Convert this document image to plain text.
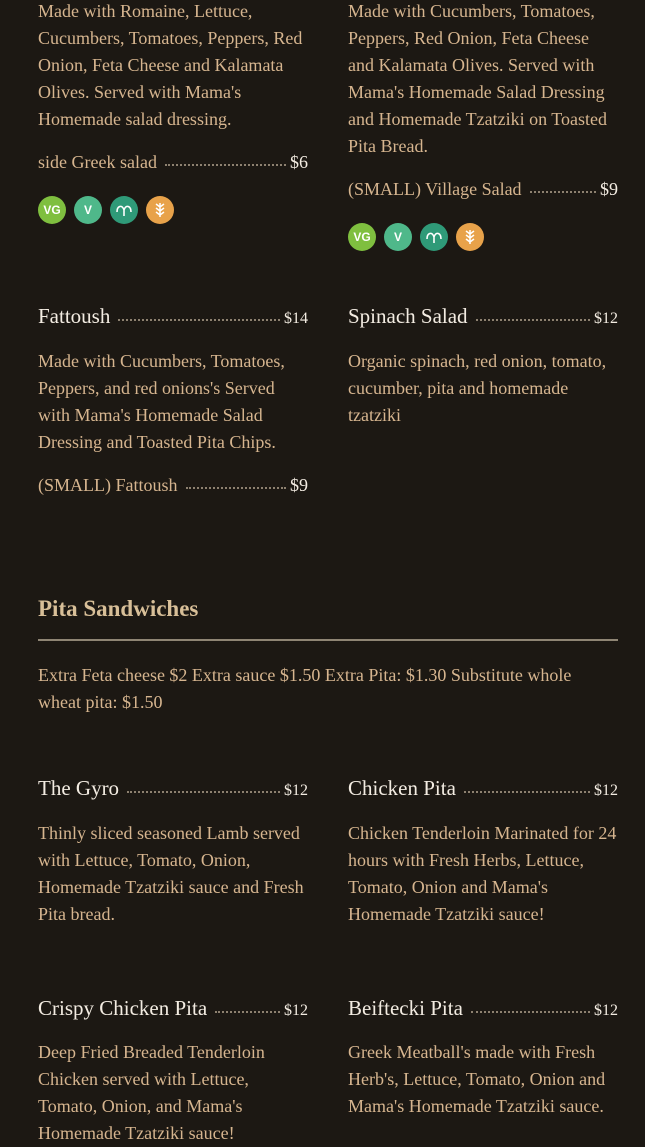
Made with Romaine, Lettuce, Cucumbers, Tomatoes, Peppers, Red Onion, Feta Cheese and Kalamata Olives. Served with Mama's Homemade salad dressing.
side Greek salad	$6
VG	V
Made with Cucumbers, Tomatoes, Peppers, Red Onion, Feta Cheese and Kalamata Olives. Served with Mama's Homemade Salad Dressing and Homemade Tzatziki on Toasted Pita Bread.
(SMALL) Village Salad	$9
VG	V
Fattoush	$14
Made with Cucumbers, Tomatoes, Peppers, and red onions's Served with Mama's Homemade Salad Dressing and Toasted Pita Chips.
(SMALL) Fattoush	$9
Spinach Salad	$12
Organic spinach, red onion, tomato, cucumber, pita and homemade tzatziki
Pita Sandwiches
Extra Feta cheese $2 Extra sauce $1.50 Extra Pita: $1.30 Substitute whole wheat pita: $1.50
The Gyro	$12
Thinly sliced seasoned Lamb served with Lettuce, Tomato, Onion, Homemade Tzatziki sauce and Fresh Pita bread.
Chicken Pita	$12
Chicken Tenderloin Marinated for 24 hours with Fresh Herbs, Lettuce, Tomato, Onion and Mama's Homemade Tzatziki sauce!
Crispy Chicken Pita	$12
Deep Fried Breaded Tenderloin Chicken served with Lettuce, Tomato, Onion, and Mama's Homemade Tzatziki sauce!
Beiftecki Pita	$12
Greek Meatball's made with Fresh Herb's, Lettuce, Tomato, Onion and Mama's Homemade Tzatziki sauce.
